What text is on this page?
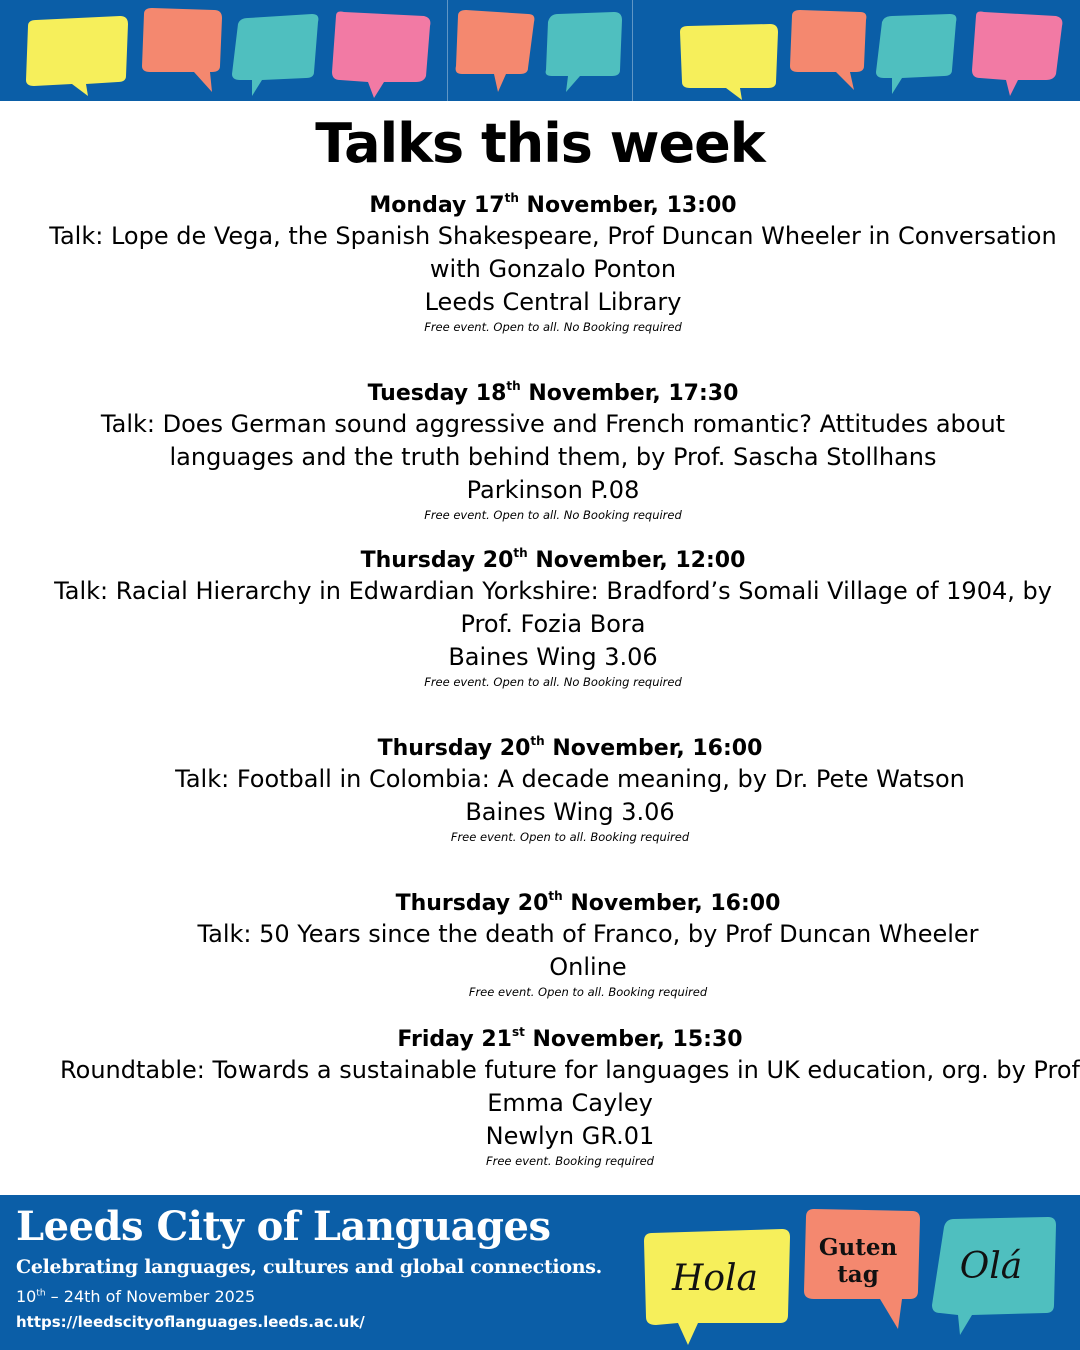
Talks this week
Monday 17th November, 13:00
Talk: Lope de Vega, the Spanish Shakespeare, Prof Duncan Wheeler in Conversation
with Gonzalo Ponton
Leeds Central Library
Free event. Open to all. No Booking required
Tuesday 18th November, 17:30
Talk: Does German sound aggressive and French romantic? Attitudes about
languages and the truth behind them, by Prof. Sascha Stollhans
Parkinson P.08
Free event. Open to all. No Booking required
Thursday 20th November, 12:00
Talk: Racial Hierarchy in Edwardian Yorkshire: Bradford’s Somali Village of 1904, by
Prof. Fozia Bora
Baines Wing 3.06
Free event. Open to all. No Booking required
Thursday 20th November, 16:00
Talk: Football in Colombia: A decade meaning, by Dr. Pete Watson
Baines Wing 3.06
Free event. Open to all. Booking required
Thursday 20th November, 16:00
Talk: 50 Years since the death of Franco, by Prof Duncan Wheeler
Online
Free event. Open to all. Booking required
Friday 21st November, 15:30
Roundtable: Towards a sustainable future for languages in UK education, org. by Prof
Emma Cayley
Newlyn GR.01
Free event. Booking required
Leeds City of Languages
Celebrating languages, cultures and global connections.
10th – 24th of November 2025
https://leedscityoflanguages.leeds.ac.uk/
Hola
Guten
tag	Olá
